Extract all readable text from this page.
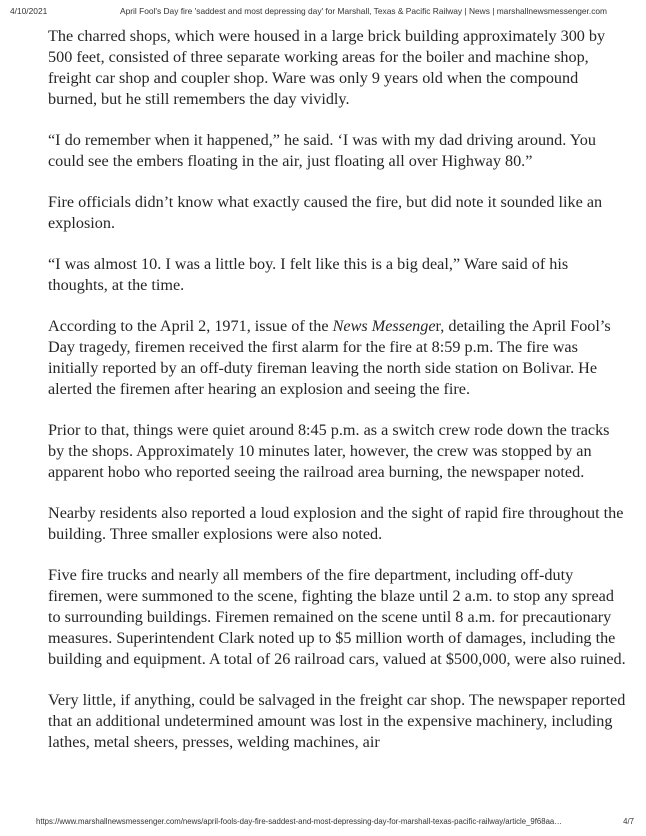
4/10/2021	April Fool's Day fire 'saddest and most depressing day' for Marshall, Texas & Pacific Railway | News | marshallnewsmessenger.com

The charred shops, which were housed in a large brick building approximately 300 by 500 feet, consisted of three separate working areas for the boiler and machine shop, freight car shop and coupler shop. Ware was only 9 years old when the compound burned, but he still remembers the day vividly.

“I do remember when it happened,” he said. ‘I was with my dad driving around. You could see the embers floating in the air, just floating all over Highway 80.”

Fire officials didn’t know what exactly caused the fire, but did note it sounded like an explosion.

“I was almost 10. I was a little boy. I felt like this is a big deal,” Ware said of his thoughts, at the time.

According to the April 2, 1971, issue of the News Messenger, detailing the April Fool’s Day tragedy, firemen received the first alarm for the fire at 8:59 p.m. The fire was initially reported by an off-duty fireman leaving the north side station on Bolivar. He alerted the firemen after hearing an explosion and seeing the fire.

Prior to that, things were quiet around 8:45 p.m. as a switch crew rode down the tracks by the shops. Approximately 10 minutes later, however, the crew was stopped by an apparent hobo who reported seeing the railroad area burning, the newspaper noted.

Nearby residents also reported a loud explosion and the sight of rapid fire throughout the building. Three smaller explosions were also noted.

Five fire trucks and nearly all members of the fire department, including off-duty firemen, were summoned to the scene, fighting the blaze until 2 a.m. to stop any spread to surrounding buildings. Firemen remained on the scene until 8 a.m. for precautionary measures. Superintendent Clark noted up to $5 million worth of damages, including the building and equipment. A total of 26 railroad cars, valued at $500,000, were also ruined.

Very little, if anything, could be salvaged in the freight car shop. The newspaper reported that an additional undetermined amount was lost in the expensive machinery, including lathes, metal sheers, presses, welding machines, air

https://www.marshallnewsmessenger.com/news/april-fools-day-fire-saddest-and-most-depressing-day-for-marshall-texas-pacific-railway/article_9f68aa…	4/7
